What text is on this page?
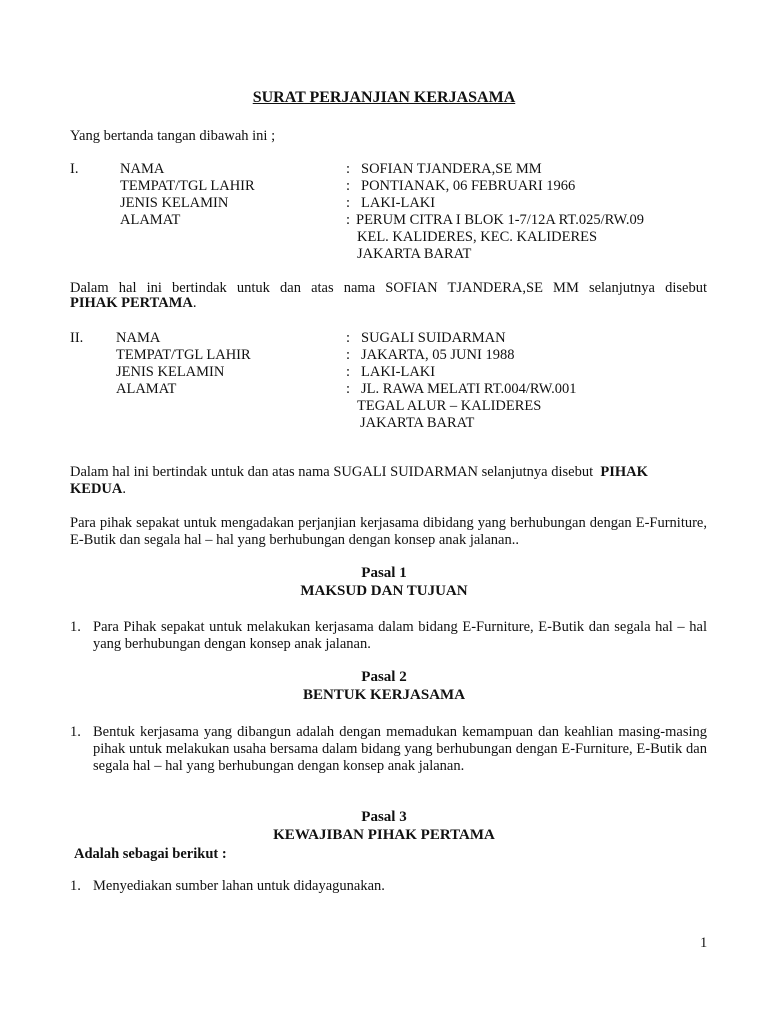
SURAT PERJANJIAN KERJASAMA
Yang bertanda tangan dibawah ini ;
I.	NAMA	: SOFIAN TJANDERA,SE MM
TEMPAT/TGL LAHIR	: PONTIANAK, 06 FEBRUARI 1966
JENIS KELAMIN	: LAKI-LAKI
ALAMAT	: PERUM CITRA I BLOK 1-7/12A RT.025/RW.09
KEL. KALIDERES, KEC. KALIDERES
JAKARTA BARAT
Dalam hal ini bertindak untuk dan atas nama SOFIAN TJANDERA,SE MM selanjutnya disebut
PIHAK PERTAMA.
II. NAMA	: SUGALI SUIDARMAN
TEMPAT/TGL LAHIR	: JAKARTA, 05 JUNI 1988
JENIS KELAMIN	: LAKI-LAKI
ALAMAT	: JL. RAWA MELATI RT.004/RW.001
TEGAL ALUR – KALIDERES
JAKARTA BARAT
Dalam hal ini bertindak untuk dan atas nama SUGALI SUIDARMAN selanjutnya disebut PIHAK
KEDUA.
Para pihak sepakat untuk mengadakan perjanjian kerjasama dibidang yang berhubungan dengan E-Furniture, E-Butik dan segala hal – hal yang berhubungan dengan konsep anak jalanan..
Pasal 1
MAKSUD DAN TUJUAN
1. Para Pihak sepakat untuk melakukan kerjasama dalam bidang E-Furniture, E-Butik dan segala hal – hal yang berhubungan dengan konsep anak jalanan.
Pasal 2
BENTUK KERJASAMA
1. Bentuk kerjasama yang dibangun adalah dengan memadukan kemampuan dan keahlian masing-masing pihak untuk melakukan usaha bersama dalam bidang yang berhubungan dengan E-Furniture, E-Butik dan segala hal – hal yang berhubungan dengan konsep anak jalanan.
Pasal 3
KEWAJIBAN PIHAK PERTAMA
Adalah sebagai berikut :
1. Menyediakan sumber lahan untuk didayagunakan.
1
